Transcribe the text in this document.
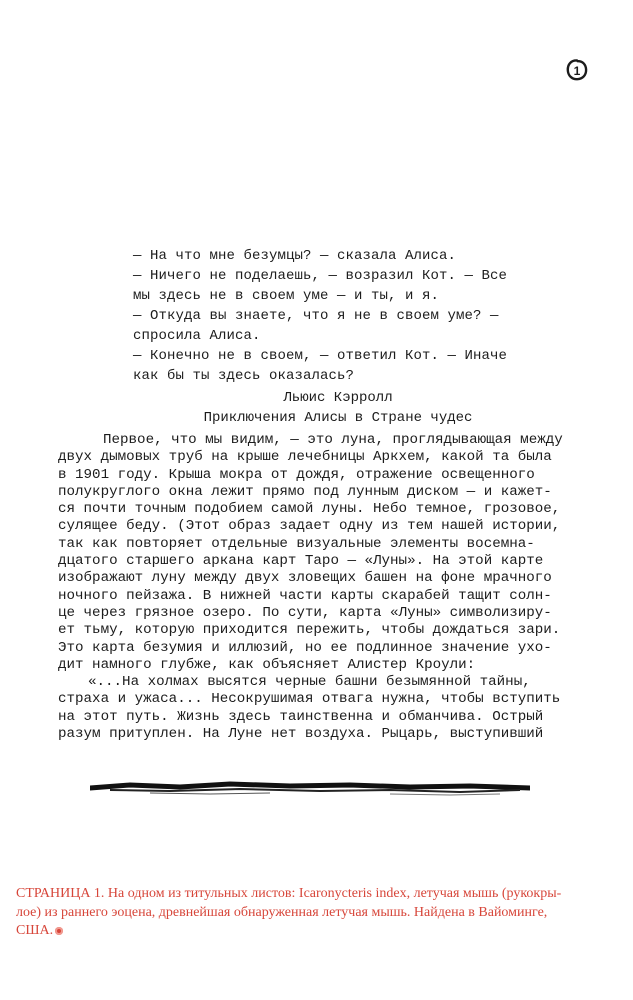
1

— На что мне безумцы? — сказала Алиса.

— Ничего не поделаешь, — возразил Кот. — Все

мы здесь не в своем уме — и ты, и я.

— Откуда вы знаете, что я не в своем уме? —

спросила Алиса.

— Конечно не в своем, — ответил Кот. — Иначе

как бы ты здесь оказалась?

Льюис Кэрролл
Приключения Алисы в Стране чудес

Первое, что мы видим, — это луна, проглядывающая между

двух дымовых труб на крыше лечебницы Аркхем, какой та была

в 1901 году. Крыша мокра от дождя, отражение освещенного

полукруглого окна лежит прямо под лунным диском — и кажет-

ся почти точным подобием самой луны. Небо темное, грозовое,

сулящее беду. (Этот образ задает одну из тем нашей истории,

так как повторяет отдельные визуальные элементы восемна-

дцатого старшего аркана карт Таро — «Луны». На этой карте

изображают луну между двух зловещих башен на фоне мрачного

ночного пейзажа. В нижней части карты скарабей тащит солн-

це через грязное озеро. По сути, карта «Луны» символизиру-

ет тьму, которую приходится пережить, чтобы дождаться зари.

Это карта безумия и иллюзий, но ее подлинное значение ухо-

дит намного глубже, как объясняет Алистер Кроули:

«...На холмах высятся черные башни безымянной тайны,

страха и ужаса... Несокрушимая отвага нужна, чтобы вступить

на этот путь. Жизнь здесь таинственна и обманчива. Острый

разум притуплен. На Луне нет воздуха. Рыцарь, выступивший

СТРАНИЦА 1. На одном из титульных листов: Icaronycteris index, летучая мышь (рукокры-

лое) из раннего эоцена, древнейшая обнаруженная летучая мышь. Найдена в Вайоминге,

США.
